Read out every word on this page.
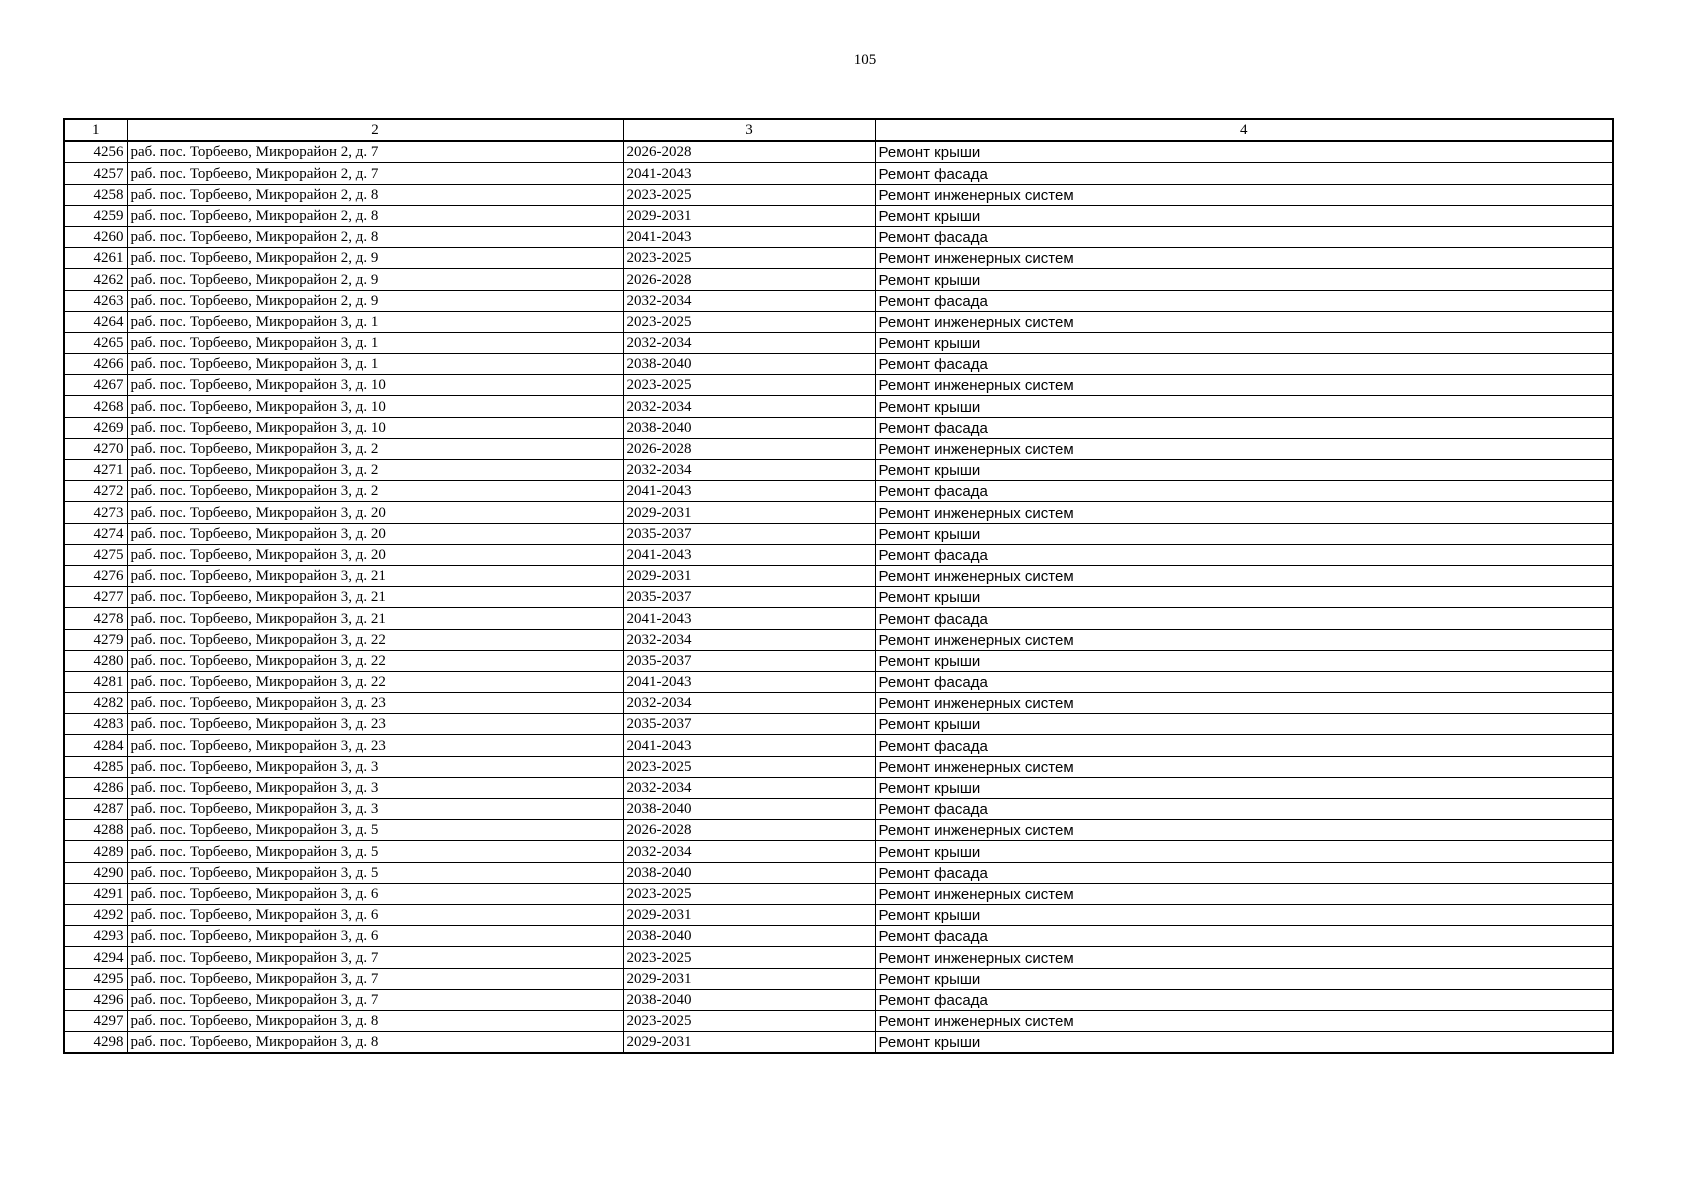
105
1	2	3	4
4256	раб. пос. Торбеево, Микрорайон 2, д. 7	2026-2028	Ремонт крыши
4257	раб. пос. Торбеево, Микрорайон 2, д. 7	2041-2043	Ремонт фасада
4258	раб. пос. Торбеево, Микрорайон 2, д. 8	2023-2025	Ремонт инженерных систем
4259	раб. пос. Торбеево, Микрорайон 2, д. 8	2029-2031	Ремонт крыши
4260	раб. пос. Торбеево, Микрорайон 2, д. 8	2041-2043	Ремонт фасада
4261	раб. пос. Торбеево, Микрорайон 2, д. 9	2023-2025	Ремонт инженерных систем
4262	раб. пос. Торбеево, Микрорайон 2, д. 9	2026-2028	Ремонт крыши
4263	раб. пос. Торбеево, Микрорайон 2, д. 9	2032-2034	Ремонт фасада
4264	раб. пос. Торбеево, Микрорайон 3, д. 1	2023-2025	Ремонт инженерных систем
4265	раб. пос. Торбеево, Микрорайон 3, д. 1	2032-2034	Ремонт крыши
4266	раб. пос. Торбеево, Микрорайон 3, д. 1	2038-2040	Ремонт фасада
4267	раб. пос. Торбеево, Микрорайон 3, д. 10	2023-2025	Ремонт инженерных систем
4268	раб. пос. Торбеево, Микрорайон 3, д. 10	2032-2034	Ремонт крыши
4269	раб. пос. Торбеево, Микрорайон 3, д. 10	2038-2040	Ремонт фасада
4270	раб. пос. Торбеево, Микрорайон 3, д. 2	2026-2028	Ремонт инженерных систем
4271	раб. пос. Торбеево, Микрорайон 3, д. 2	2032-2034	Ремонт крыши
4272	раб. пос. Торбеево, Микрорайон 3, д. 2	2041-2043	Ремонт фасада
4273	раб. пос. Торбеево, Микрорайон 3, д. 20	2029-2031	Ремонт инженерных систем
4274	раб. пос. Торбеево, Микрорайон 3, д. 20	2035-2037	Ремонт крыши
4275	раб. пос. Торбеево, Микрорайон 3, д. 20	2041-2043	Ремонт фасада
4276	раб. пос. Торбеево, Микрорайон 3, д. 21	2029-2031	Ремонт инженерных систем
4277	раб. пос. Торбеево, Микрорайон 3, д. 21	2035-2037	Ремонт крыши
4278	раб. пос. Торбеево, Микрорайон 3, д. 21	2041-2043	Ремонт фасада
4279	раб. пос. Торбеево, Микрорайон 3, д. 22	2032-2034	Ремонт инженерных систем
4280	раб. пос. Торбеево, Микрорайон 3, д. 22	2035-2037	Ремонт крыши
4281	раб. пос. Торбеево, Микрорайон 3, д. 22	2041-2043	Ремонт фасада
4282	раб. пос. Торбеево, Микрорайон 3, д. 23	2032-2034	Ремонт инженерных систем
4283	раб. пос. Торбеево, Микрорайон 3, д. 23	2035-2037	Ремонт крыши
4284	раб. пос. Торбеево, Микрорайон 3, д. 23	2041-2043	Ремонт фасада
4285	раб. пос. Торбеево, Микрорайон 3, д. 3	2023-2025	Ремонт инженерных систем
4286	раб. пос. Торбеево, Микрорайон 3, д. 3	2032-2034	Ремонт крыши
4287	раб. пос. Торбеево, Микрорайон 3, д. 3	2038-2040	Ремонт фасада
4288	раб. пос. Торбеево, Микрорайон 3, д. 5	2026-2028	Ремонт инженерных систем
4289	раб. пос. Торбеево, Микрорайон 3, д. 5	2032-2034	Ремонт крыши
4290	раб. пос. Торбеево, Микрорайон 3, д. 5	2038-2040	Ремонт фасада
4291	раб. пос. Торбеево, Микрорайон 3, д. 6	2023-2025	Ремонт инженерных систем
4292	раб. пос. Торбеево, Микрорайон 3, д. 6	2029-2031	Ремонт крыши
4293	раб. пос. Торбеево, Микрорайон 3, д. 6	2038-2040	Ремонт фасада
4294	раб. пос. Торбеево, Микрорайон 3, д. 7	2023-2025	Ремонт инженерных систем
4295	раб. пос. Торбеево, Микрорайон 3, д. 7	2029-2031	Ремонт крыши
4296	раб. пос. Торбеево, Микрорайон 3, д. 7	2038-2040	Ремонт фасада
4297	раб. пос. Торбеево, Микрорайон 3, д. 8	2023-2025	Ремонт инженерных систем
4298	раб. пос. Торбеево, Микрорайон 3, д. 8	2029-2031	Ремонт крыши
